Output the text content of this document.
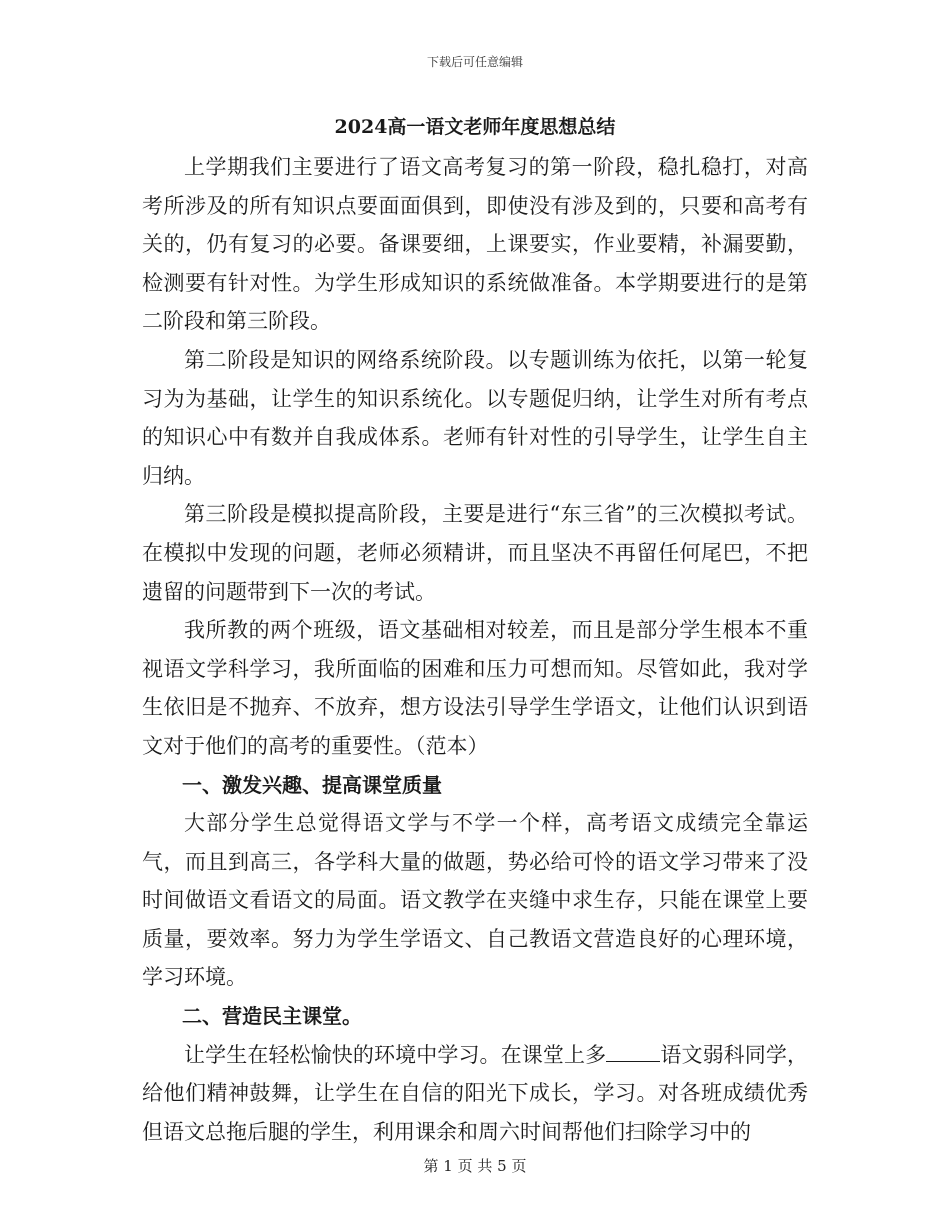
下载后可任意编辑
2024高一语文老师年度思想总结

上学期我们主要进行了语文高考复习的第一阶段，稳扎稳打，对高考所涉及的所有知识点要面面俱到，即使没有涉及到的，只要和高考有关的，仍有复习的必要。备课要细，上课要实，作业要精，补漏要勤，检测要有针对性。为学生形成知识的系统做准备。本学期要进行的是第二阶段和第三阶段。

第二阶段是知识的网络系统阶段。以专题训练为依托，以第一轮复习为为基础，让学生的知识系统化。以专题促归纳，让学生对所有考点的知识心中有数并自我成体系。老师有针对性的引导学生，让学生自主归纳。

第三阶段是模拟提高阶段，主要是进行“东三省”的三次模拟考试。在模拟中发现的问题，老师必须精讲，而且坚决不再留任何尾巴，不把遗留的问题带到下一次的考试。

我所教的两个班级，语文基础相对较差，而且是部分学生根本不重视语文学科学习，我所面临的困难和压力可想而知。尽管如此，我对学生依旧是不抛弃、不放弃，想方设法引导学生学语文，让他们认识到语文对于他们的高考的重要性。（范本）

一、激发兴趣、提高课堂质量

大部分学生总觉得语文学与不学一个样，高考语文成绩完全靠运气，而且到高三，各学科大量的做题，势必给可怜的语文学习带来了没时间做语文看语文的局面。语文教学在夹缝中求生存，只能在课堂上要质量，要效率。努力为学生学语文、自己教语文营造良好的心理环境，学习环境。

二、营造民主课堂。

让学生在轻松愉快的环境中学习。在课堂上多	语文弱科同学，给他们精神鼓舞，让学生在自信的阳光下成长，学习。对各班成绩优秀但语文总拖后腿的学生，利用课余和周六时间帮他们扫除学习中的

第 1 页 共 5 页
